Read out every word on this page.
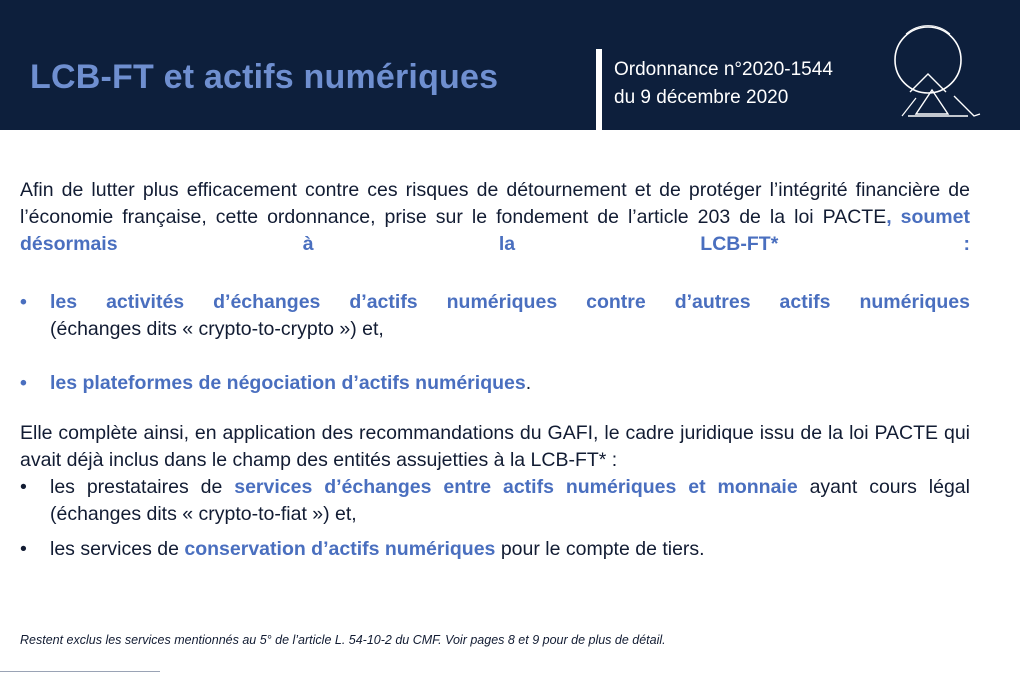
LCB-FT et actifs numériques	Ordonnance n°2020-1544
du 9 décembre 2020

Afin de lutter plus efficacement contre ces risques de détournement et de protéger l’intégrité financière de l’économie française, cette ordonnance, prise sur le fondement de l’article 203 de la loi PACTE, soumet désormais à la LCB-FT* :

• les activités d’échanges d’actifs numériques contre d’autres actifs numériques
(échanges dits « crypto-to-crypto ») et,
• les plateformes de négociation d’actifs numériques.

Elle complète ainsi, en application des recommandations du GAFI, le cadre juridique issu de la loi PACTE qui avait déjà inclus dans le champ des entités assujetties à la LCB-FT* :

• les prestataires de services d’échanges entre actifs numériques et monnaie ayant cours légal (échanges dits « crypto-to-fiat ») et,
• les services de conservation d’actifs numériques pour le compte de tiers.
Restent exclus les services mentionnés au 5° de l’article L. 54-10-2 du CMF. Voir pages 8 et 9 pour de plus de détail.
